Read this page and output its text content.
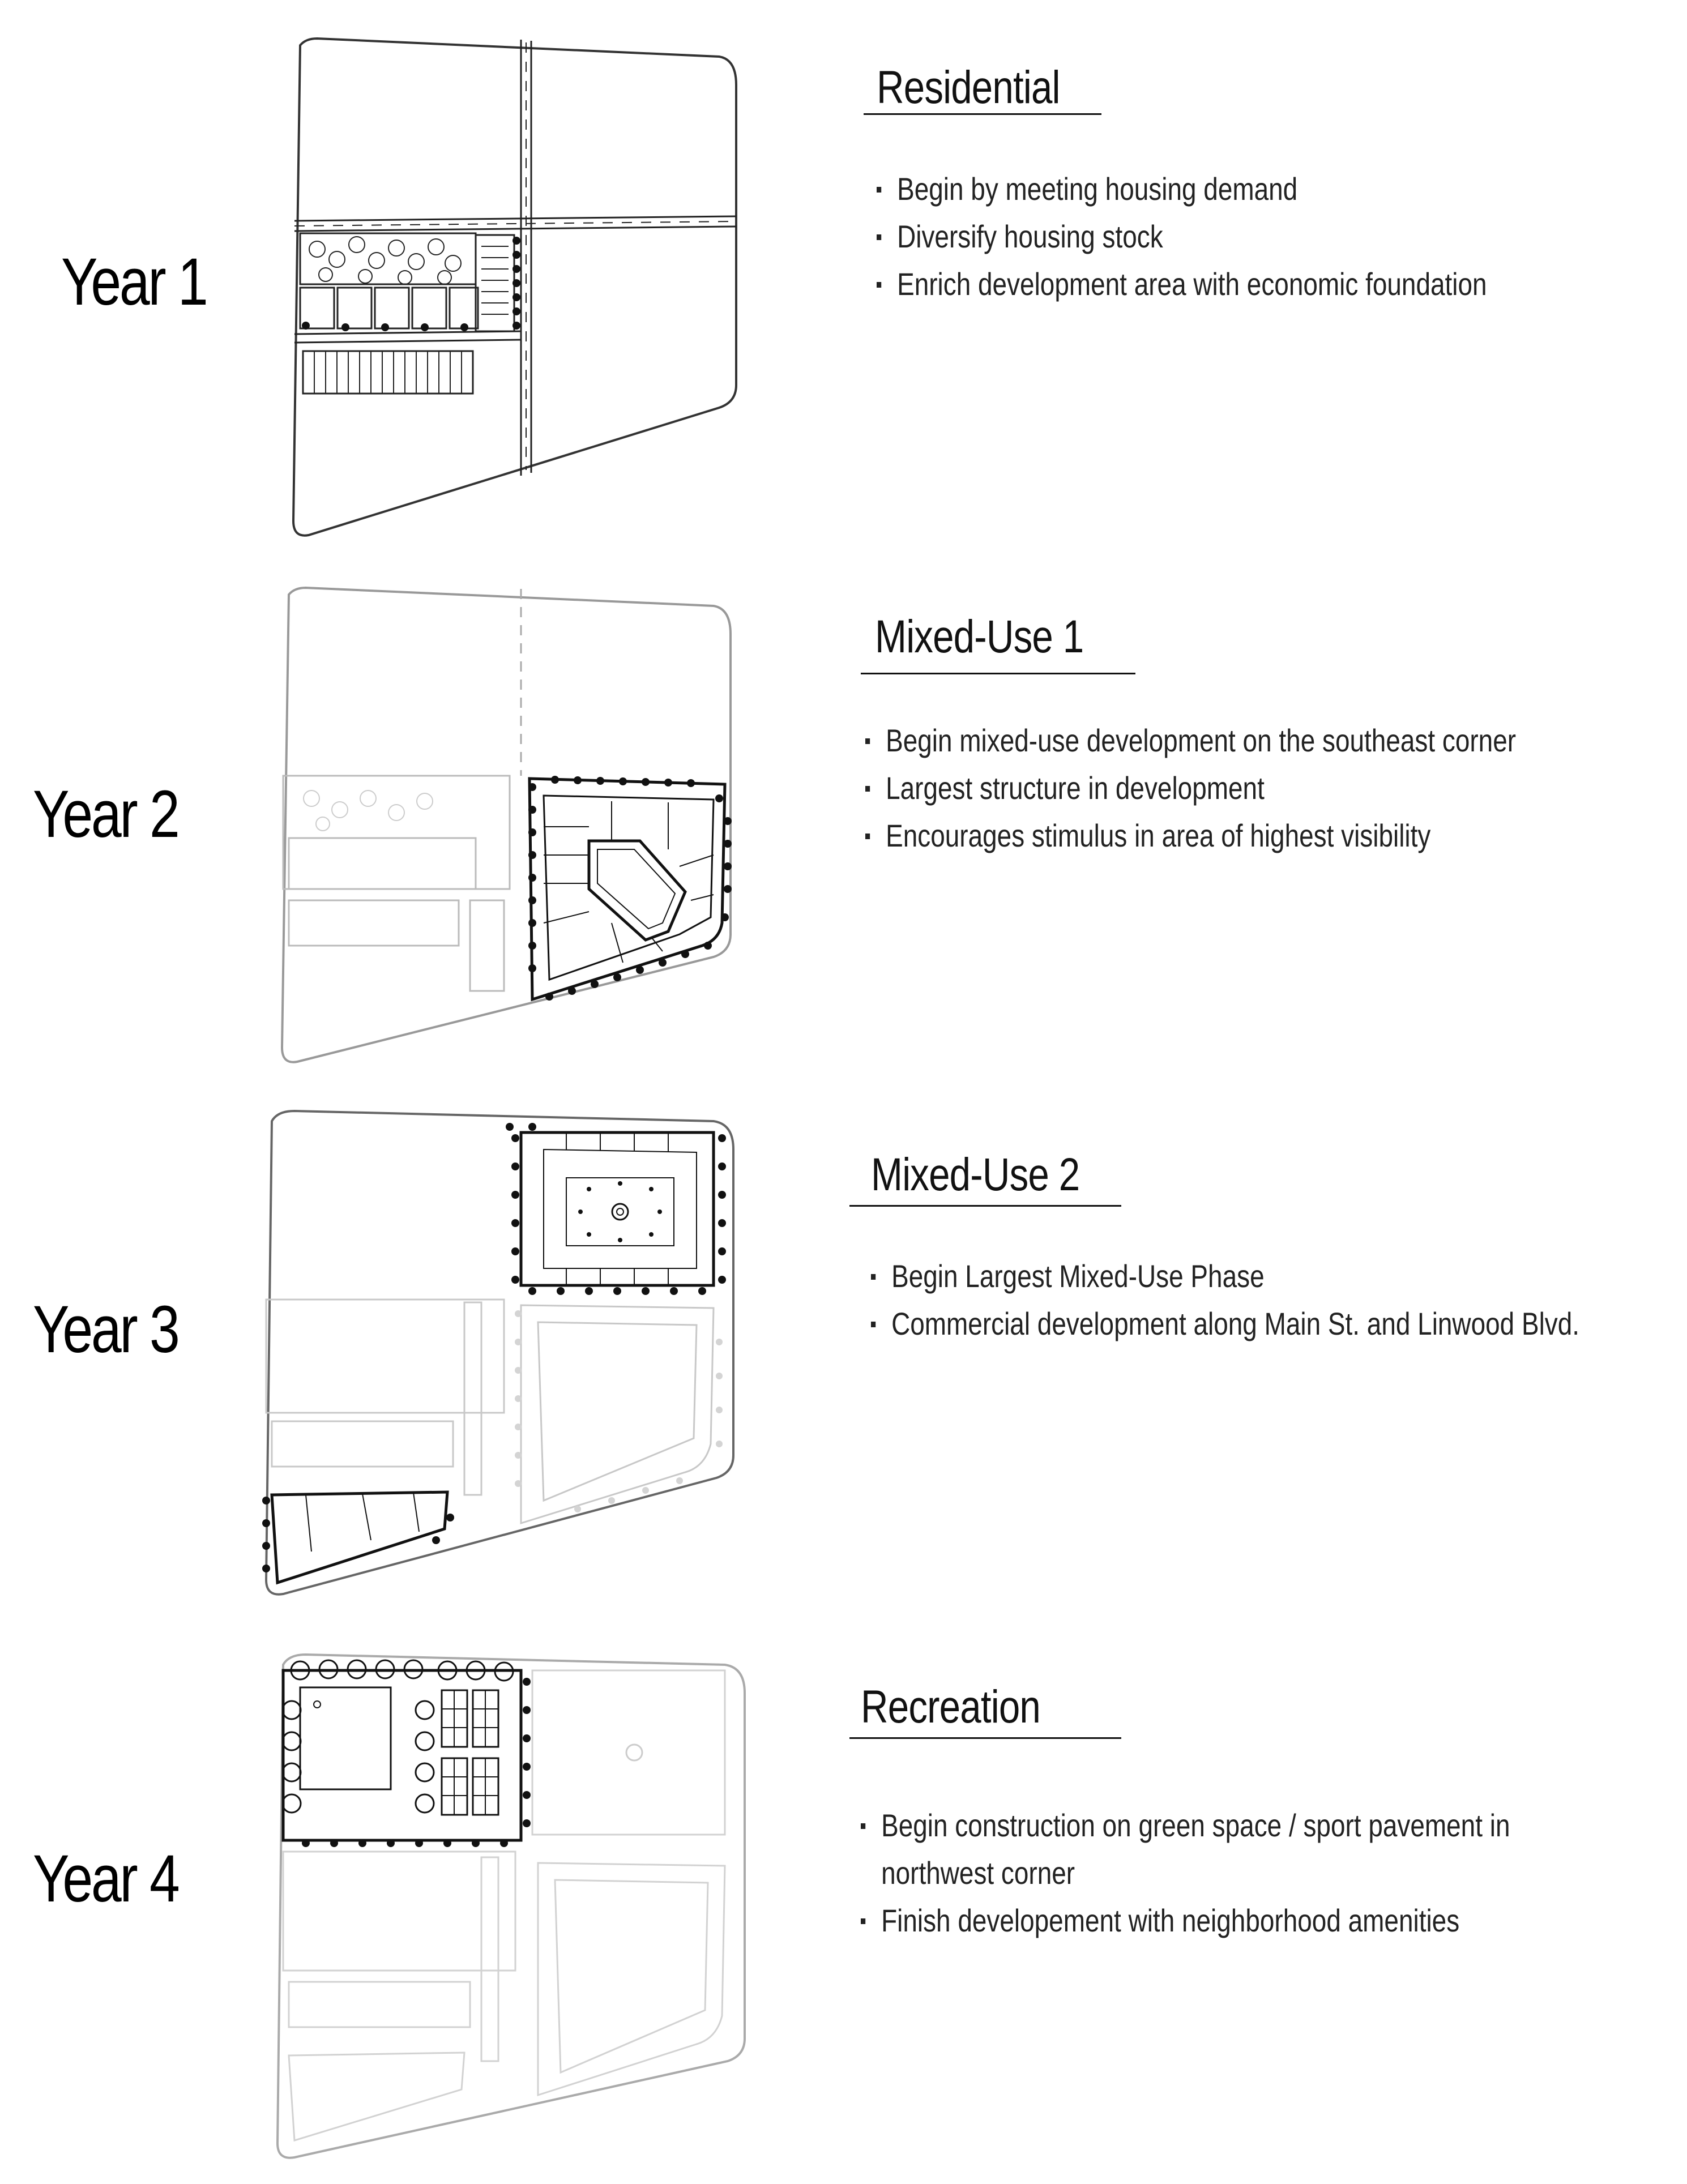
Year 1
Residential
Begin by meeting housing demand
Diversify housing stock
Enrich development area with economic foundation
Year 2
Mixed-Use 1
Begin mixed-use development on the southeast corner
Largest structure in development
Encourages stimulus in area of highest visibility
Year 3
Mixed-Use 2
Begin Largest Mixed-Use Phase
Commercial development along Main St. and Linwood Blvd.
Year 4
Recreation
Begin construction on green space / sport pavement in northwest corner
Finish developement with neighborhood amenities
